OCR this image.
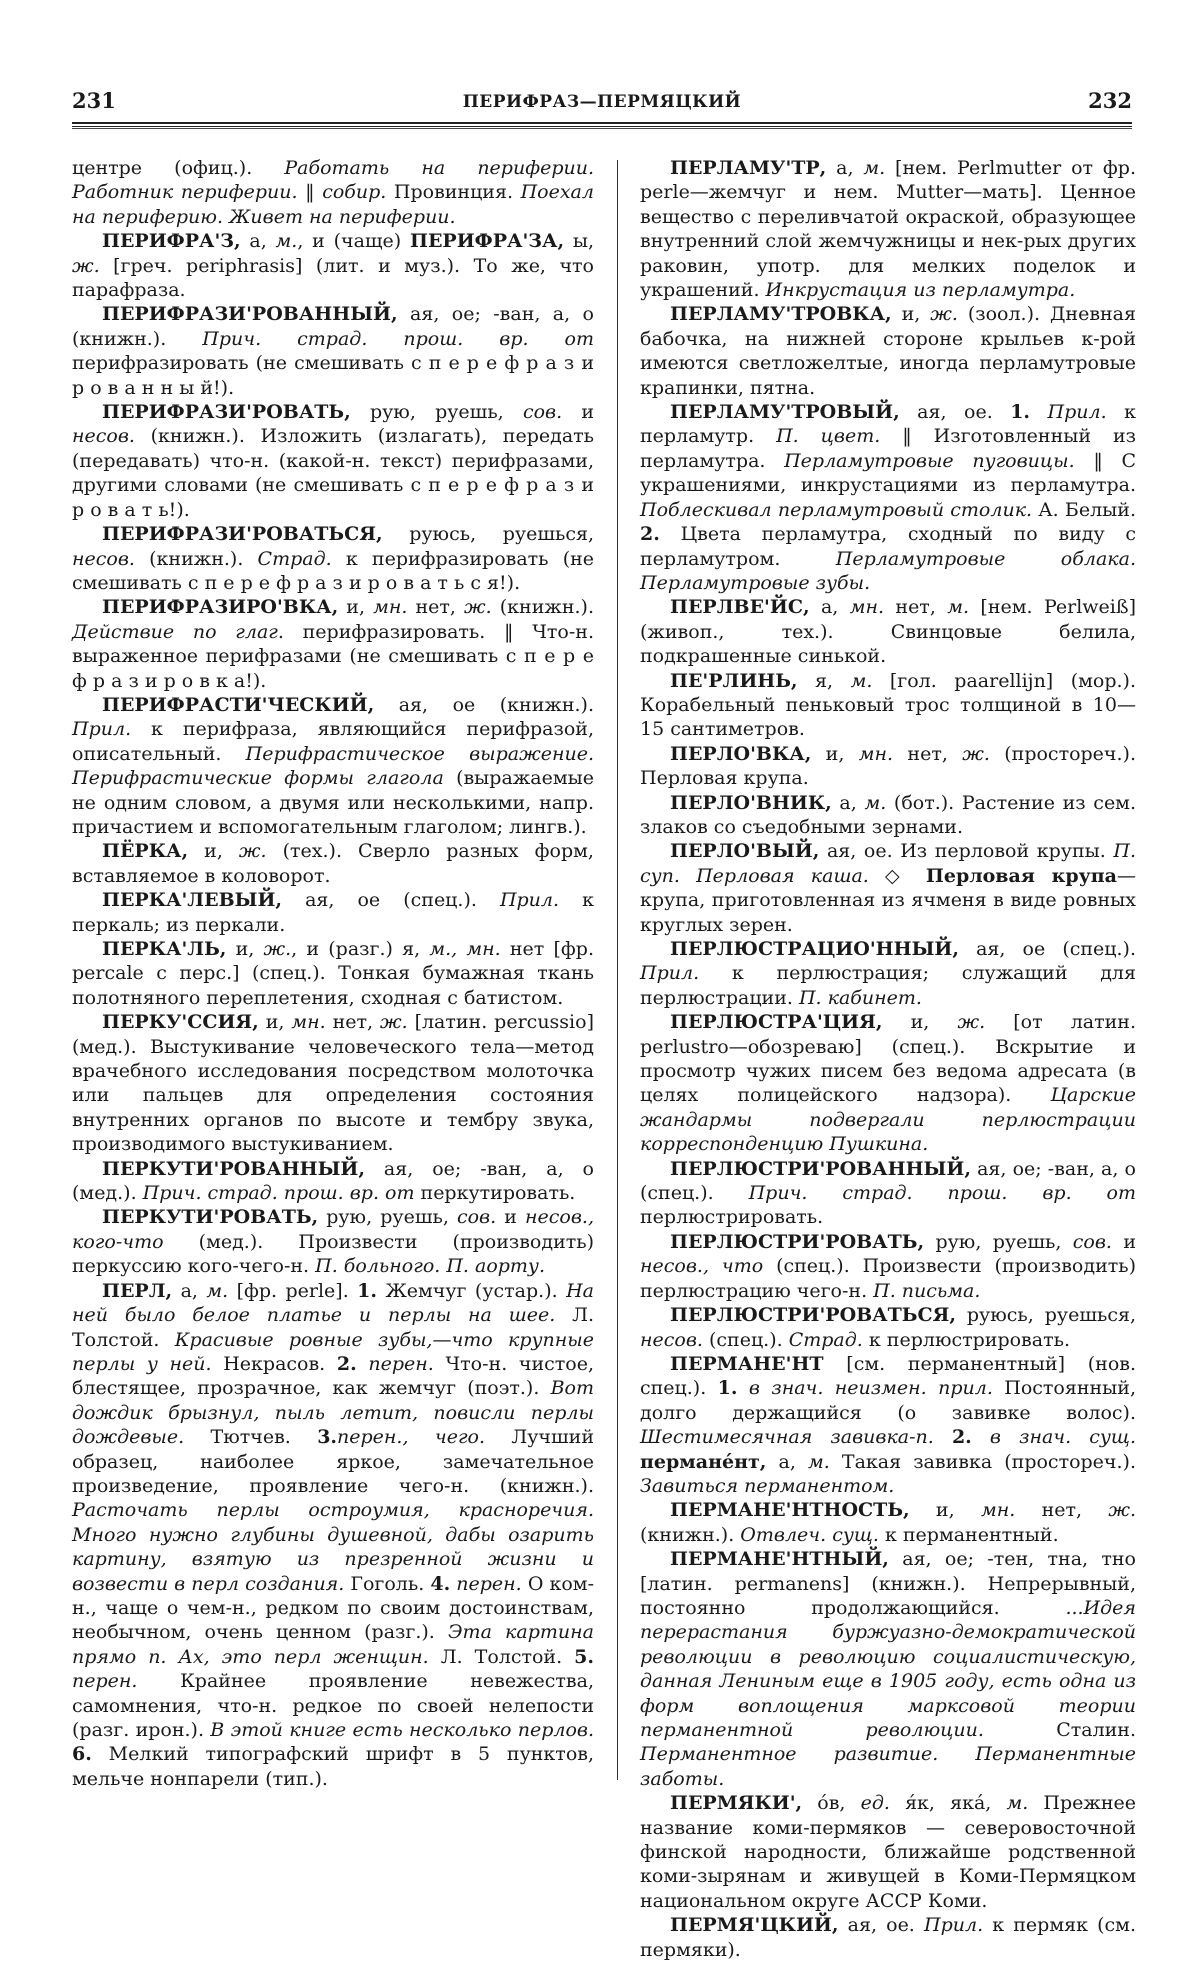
231	ПЕРИФРАЗ—ПЕРМЯЦКИЙ	232

центре (офиц.). Работать на периферии. Работник периферии. ‖ собир. Провинция. Поехал на периферию. Живет на периферии.

ПЕРИФРА'З, а, м., и (чаще) ПЕРИФРА'ЗА, ы, ж. [греч. periphrasis] (лит. и муз.). То же, что парафраза.

ПЕРИФРАЗИ'РОВАННЫЙ, ая, ое; -ван, а, о (книжн.). Прич. страд. прош. вр. от перифразировать (не смешивать с п е р е ф р а з и р о в а н н ы й!).

ПЕРИФРАЗИ'РОВАТЬ, рую, руешь, сов. и несов. (книжн.). Изложить (излагать), передать (передавать) что-н. (какой-н. текст) перифразами, другими словами (не смешивать с п е р е ф р а з и р о в а т ь!).

ПЕРИФРАЗИ'РОВАТЬСЯ, руюсь, руешься, несов. (книжн.). Страд. к перифразировать (не смешивать с п е р е ф р а з и р о в а т ь с я!).

ПЕРИФРАЗИРО'ВКА, и, мн. нет, ж. (книжн.). Действие по глаг. перифразировать. ‖ Что-н. выраженное перифразами (не смешивать с п е р е ф р а з и р о в к а!).

ПЕРИФРАСТИ'ЧЕСКИЙ, ая, ое (книжн.). Прил. к перифраза, являющийся перифразой, описательный. Перифрастическое выражение. Перифрастические формы глагола (выражаемые не одним словом, а двумя или несколькими, напр. причастием и вспомогательным глаголом; лингв.).

ПЁРКА, и, ж. (тех.). Сверло разных форм, вставляемое в коловорот.

ПЕРКА'ЛЕВЫЙ, ая, ое (спец.). Прил. к перкаль; из перкали.

ПЕРКА'ЛЬ, и, ж., и (разг.) я, м., мн. нет [фр. percale с перс.] (спец.). Тонкая бумажная ткань полотняного переплетения, сходная с батистом.

ПЕРКУ'ССИЯ, и, мн. нет, ж. [латин. percussio] (мед.). Выстукивание человеческого тела—метод врачебного исследования посредством молоточка или пальцев для определения состояния внутренних органов по высоте и тембру звука, производимого выстукиванием.

ПЕРКУТИ'РОВАННЫЙ, ая, ое; -ван, а, о (мед.). Прич. страд. прош. вр. от перкутировать.

ПЕРКУТИ'РОВАТЬ, рую, руешь, сов. и несов., кого-что (мед.). Произвести (производить) перкуссию кого-чего-н. П. больного. П. аорту.

ПЕРЛ, а, м. [фр. perle]. 1. Жемчуг (устар.). На ней было белое платье и перлы на шее. Л. Толстой. Красивые ровные зубы,—что крупные перлы у ней. Некрасов. 2. перен. Что-н. чистое, блестящее, прозрачное, как жемчуг (поэт.). Вот дождик брызнул, пыль летит, повисли перлы дождевые. Тютчев. 3.перен., чего. Лучший образец, наиболее яркое, замечательное произведение, проявление чего-н. (книжн.). Расточать перлы остроумия, красноречия. Много нужно глубины душевной, дабы озарить картину, взятую из презренной жизни и возвести в перл создания. Гоголь. 4. перен. О ком-н., чаще о чем-н., редком по своим достоинствам, необычном, очень ценном (разг.). Эта картина прямо п. Ах, это перл женщин. Л. Толстой. 5. перен. Крайнее проявление невежества, самомнения, что-н. редкое по своей нелепости (разг. ирон.). В этой книге есть несколько перлов. 6. Мелкий типографский шрифт в 5 пунктов, мельче нонпарели (тип.).

ПЕРЛАМУ'ТР, а, м. [нем. Perlmutter от фр. perle—жемчуг и нем. Mutter—мать]. Ценное вещество с переливчатой окраской, образующее внутренний слой жемчужницы и нек-рых других раковин, употр. для мелких поделок и украшений. Инкрустация из перламутра.

ПЕРЛАМУ'ТРОВКА, и, ж. (зоол.). Дневная бабочка, на нижней стороне крыльев к-рой имеются светложелтые, иногда перламутровые крапинки, пятна.

ПЕРЛАМУ'ТРОВЫЙ, ая, ое. 1. Прил. к перламутр. П. цвет. ‖ Изготовленный из перламутра. Перламутровые пуговицы. ‖ С украшениями, инкрустациями из перламутра. Поблескивал перламутровый столик. А. Белый. 2. Цвета перламутра, сходный по виду с перламутром. Перламутровые облака. Перламутровые зубы.

ПЕРЛВЕ'ЙС, а, мн. нет, м. [нем. Perlweiß] (живоп., тех.). Свинцовые белила, подкрашенные синькой.

ПЕ'РЛИНЬ, я, м. [гол. paarellijn] (мор.). Корабельный пеньковый трос толщиной в 10—15 сантиметров.

ПЕРЛО'ВКА, и, мн. нет, ж. (простореч.). Перловая крупа.

ПЕРЛО'ВНИК, а, м. (бот.). Растение из сем. злаков со съедобными зернами.

ПЕРЛО'ВЫЙ, ая, ое. Из перловой крупы. П. суп. Перловая каша. ◇ Перловая крупа—крупа, приготовленная из ячменя в виде ровных круглых зерен.

ПЕРЛЮСТРАЦИО'ННЫЙ, ая, ое (спец.). Прил. к перлюстрация; служащий для перлюстрации. П. кабинет.

ПЕРЛЮСТРА'ЦИЯ, и, ж. [от латин. perlustro—обозреваю] (спец.). Вскрытие и просмотр чужих писем без ведома адресата (в целях полицейского надзора). Царские жандармы подвергали перлюстрации корреспонденцию Пушкина.

ПЕРЛЮСТРИ'РОВАННЫЙ, ая, ое; -ван, а, о (спец.). Прич. страд. прош. вр. от перлюстрировать.

ПЕРЛЮСТРИ'РОВАТЬ, рую, руешь, сов. и несов., что (спец.). Произвести (производить) перлюстрацию чего-н. П. письма.

ПЕРЛЮСТРИ'РОВАТЬСЯ, руюсь, руешься, несов. (спец.). Страд. к перлюстрировать.

ПЕРМАНЕ'НТ [см. перманентный] (нов. спец.). 1. в знач. неизмен. прил. Постоянный, долго держащийся (о завивке волос). Шестимесячная завивка-п. 2. в знач. сущ. перманéнт, а, м. Такая завивка (простореч.). Завиться перманентом.

ПЕРМАНЕ'НТНОСТЬ, и, мн. нет, ж. (книжн.). Отвлеч. сущ. к перманентный.

ПЕРМАНЕ'НТНЫЙ, ая, ое; -тен, тна, тно [латин. permanens] (книжн.). Непрерывный, постоянно продолжающийся. ...Идея перерастания буржуазно-демократической революции в революцию социалистическую, данная Лениным еще в 1905 году, есть одна из форм воплощения марксовой теории перманентной революции. Сталин. Перманентное развитие. Перманентные заботы.

ПЕРМЯКИ', óв, ед. я́к, яка́, м. Прежнее название коми-пермяков — северовосточной финской народности, ближайше родственной коми-зырянам и живущей в Коми-Пермяцком национальном округе АССР Коми.

ПЕРМЯ'ЦКИЙ, ая, ое. Прил. к пермяк (см. пермяки).
